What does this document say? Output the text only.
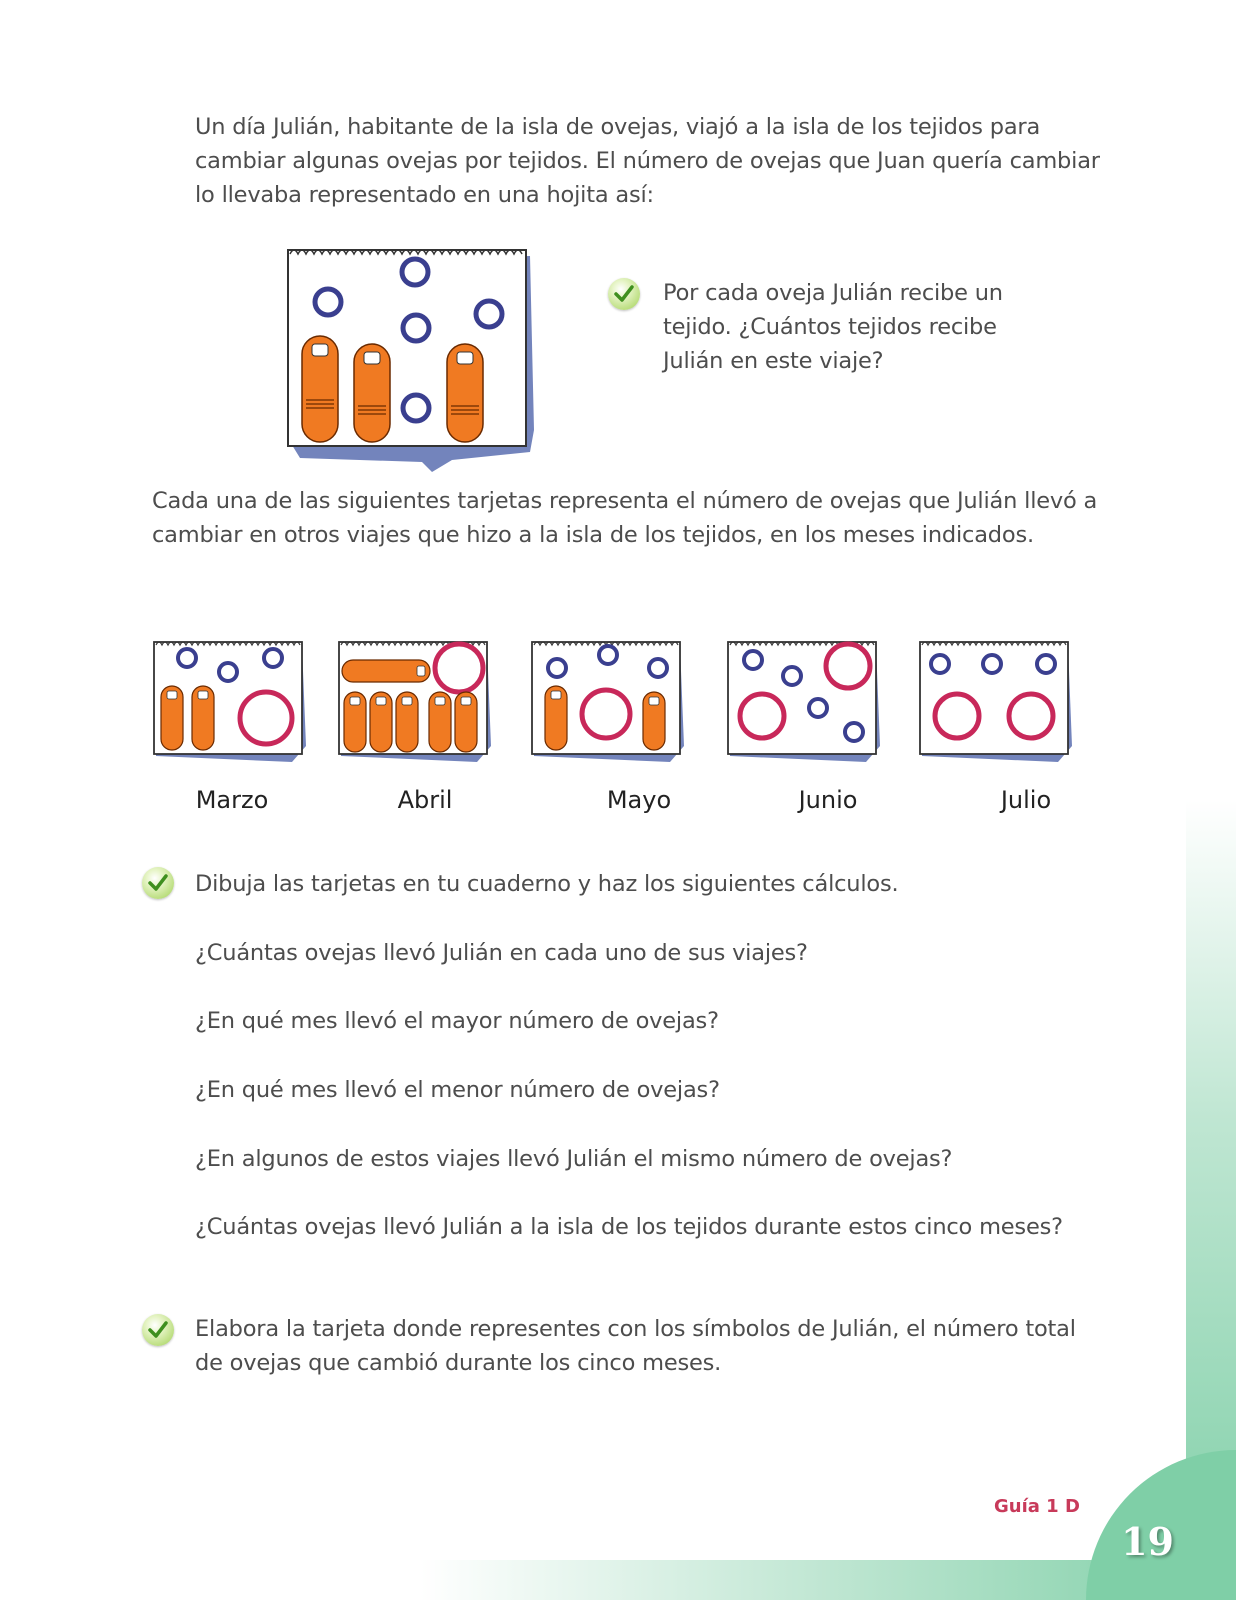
19
Guía 1 D
Un día Julián, habitante de la isla de ovejas, viajó a la isla de los tejidos para
cambiar algunas ovejas por tejidos. El número de ovejas que Juan quería cambiar
lo llevaba representado en una hojita así:
Por cada oveja Julián recibe un
tejido. ¿Cuántos tejidos recibe
Julián en este viaje?
Cada una de las siguientes tarjetas representa el número de ovejas que Julián llevó a
cambiar en otros viajes que hizo a la isla de los tejidos, en los meses indicados.
Marzo	Abril	Mayo	Junio	Julio
Dibuja las tarjetas en tu cuaderno y haz los siguientes cálculos.
¿Cuántas ovejas llevó Julián en cada uno de sus viajes?
¿En qué mes llevó el mayor número de ovejas?
¿En qué mes llevó el menor número de ovejas?
¿En algunos de estos viajes llevó Julián el mismo número de ovejas?
¿Cuántas ovejas llevó Julián a la isla de los tejidos durante estos cinco meses?
Elabora la tarjeta donde representes con los símbolos de Julián, el número total
de ovejas que cambió durante los cinco meses.
